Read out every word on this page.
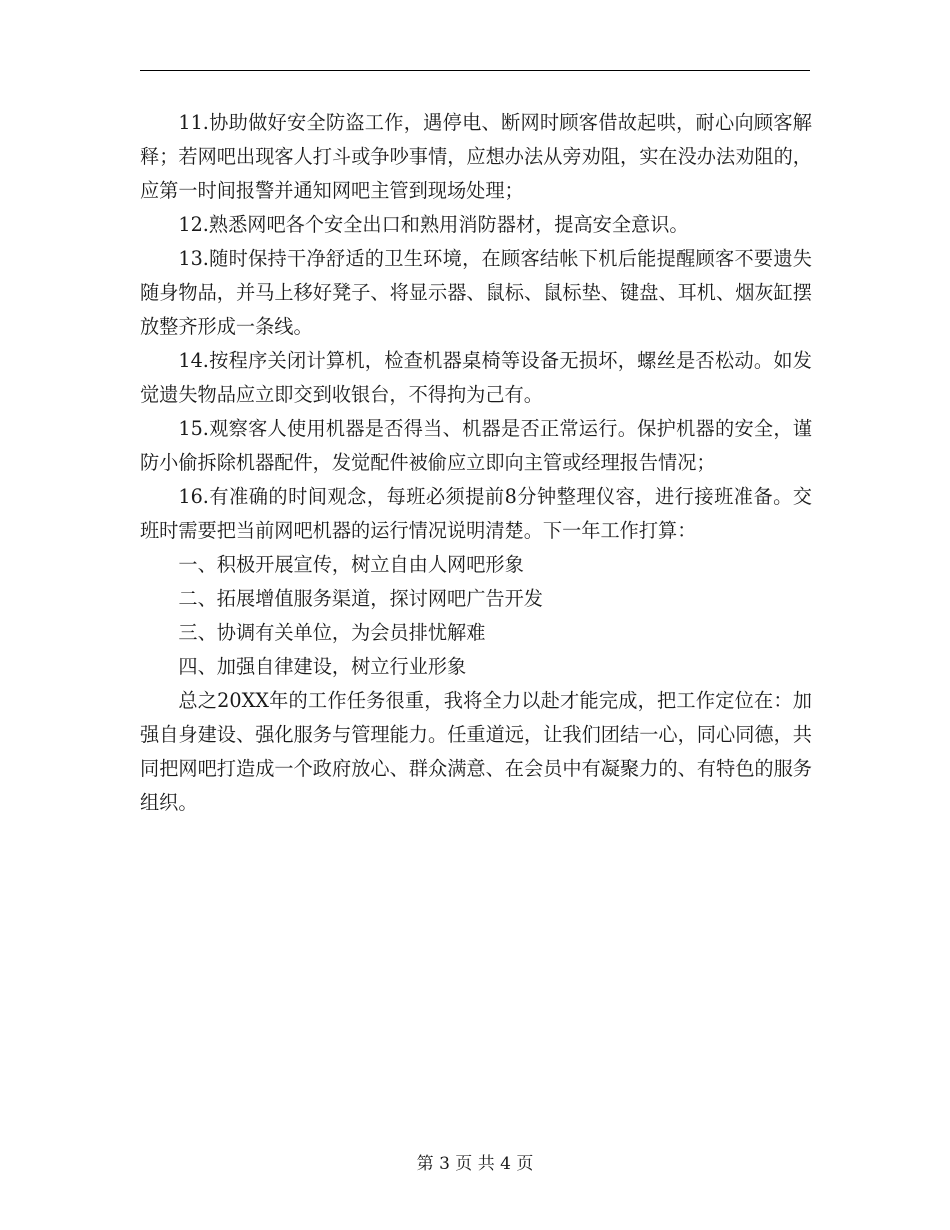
11.协助做好安全防盗工作，遇停电、断网时顾客借故起哄，耐心向顾客解释；若网吧出现客人打斗或争吵事情，应想办法从旁劝阻，实在没办法劝阻的，应第一时间报警并通知网吧主管到现场处理；

12.熟悉网吧各个安全出口和熟用消防器材，提高安全意识。

13.随时保持干净舒适的卫生环境，在顾客结帐下机后能提醒顾客不要遗失随身物品，并马上移好凳子、将显示器、鼠标、鼠标垫、键盘、耳机、烟灰缸摆放整齐形成一条线。

14.按程序关闭计算机，检查机器桌椅等设备无损坏，螺丝是否松动。如发觉遗失物品应立即交到收银台，不得拘为己有。

15.观察客人使用机器是否得当、机器是否正常运行。保护机器的安全，谨防小偷拆除机器配件，发觉配件被偷应立即向主管或经理报告情况；

16.有准确的时间观念，每班必须提前8分钟整理仪容，进行接班准备。交班时需要把当前网吧机器的运行情况说明清楚。下一年工作打算：

一、积极开展宣传，树立自由人网吧形象

二、拓展增值服务渠道，探讨网吧广告开发

三、协调有关单位，为会员排忧解难

四、加强自律建设，树立行业形象

总之20XX年的工作任务很重，我将全力以赴才能完成，把工作定位在：加强自身建设、强化服务与管理能力。任重道远，让我们团结一心，同心同德，共同把网吧打造成一个政府放心、群众满意、在会员中有凝聚力的、有特色的服务组织。

第 3 页 共 4 页
